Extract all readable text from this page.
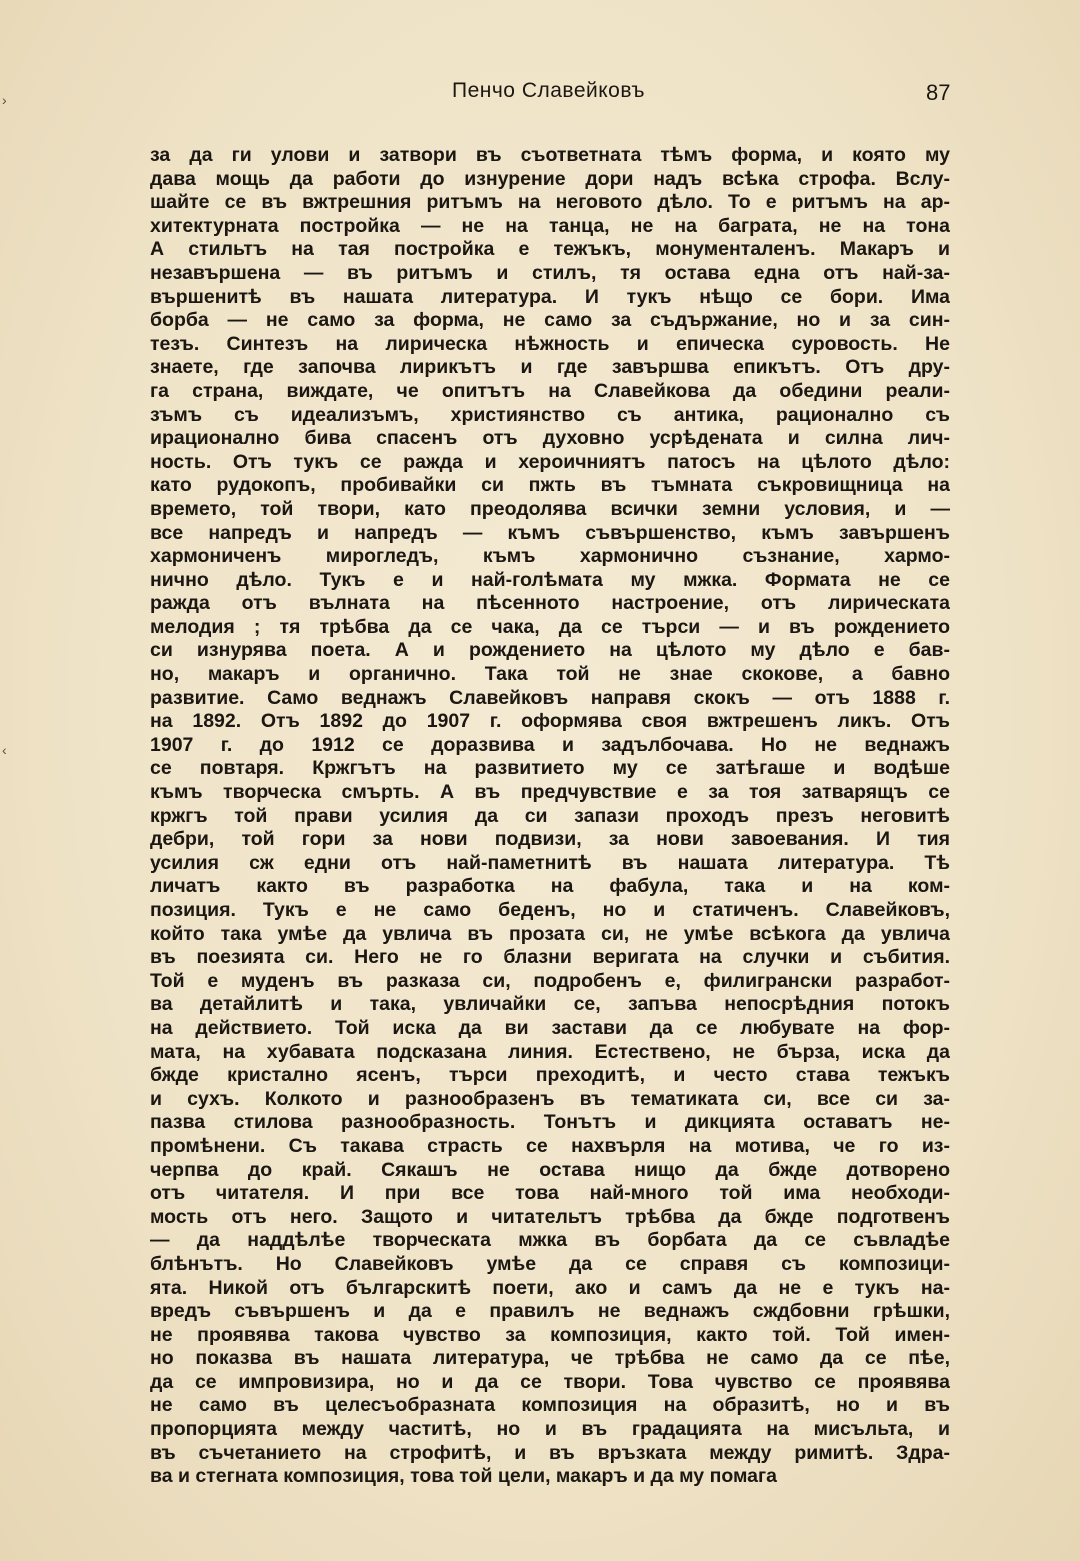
Пенчо Славейковъ	87
›
‹
за да ги улови и затвори въ съответната тѣмъ форма, и която му
дава мощь да работи до изнурение дори надъ всѣка строфа. Вслу-
шайте се въ вжтрешния ритъмъ на неговото дѣло. То е ритъмъ на ар-
хитектурната постройка — не на танца, не на баграта, не на тона
А стильтъ на тая постройка е тежъкъ, монументаленъ. Макаръ и
незавършена — въ ритъмъ и стилъ, тя остава една отъ най-за-
вършенитѣ въ нашата литература. И тукъ нѣщо се бори. Има
борба — не само за форма, не само за съдържание, но и за син-
тезъ. Синтезъ на лирическа нѣжность и епическа суровость. Не
знаете, где започва лирикътъ и где завършва епикътъ. Отъ дру-
га страна, виждате, че опитътъ на Славейкова да обедини реали-
зъмъ съ идеализъмъ, християнство съ антика, рационално съ
ирационално бива спасенъ отъ духовно усрѣдената и силна лич-
ность. Отъ тукъ се ражда и хероичниятъ патосъ на цѣлото дѣло:
като рудокопъ, пробивайки си пжть въ тъмната съкровищница на
времето, той твори, като преодолява всички земни условия, и —
все напредъ и напредъ — къмъ съвършенство, къмъ завършенъ
хармониченъ мирогледъ, къмъ хармонично съзнание, хармо-
нично дѣло. Тукъ е и най-голѣмата му мжка. Формата не се
ражда отъ вълната на пѣсенното настроение, отъ лирическата
мелодия ; тя трѣбва да се чака, да се търси — и въ рождението
си изнурява поета. А и рождението на цѣлото му дѣло е бав-
но, макаръ и органично. Така той не знае скокове, а бавно
развитие. Само веднажъ Славейковъ направя скокъ — отъ 1888 г.
на 1892. Отъ 1892 до 1907 г. оформява своя вжтрешенъ ликъ. Отъ
1907 г. до 1912 се доразвива и задълбочава. Но не веднажъ
се повтаря. Кржгътъ на развитието му се затѣгаше и водѣше
къмъ творческа смърть. А въ предчувствие е за тоя затварящъ се
кржгъ той прави усилия да си запази проходъ презъ неговитѣ
дебри, той гори за нови подвизи, за нови завоевания. И тия
усилия сж едни отъ най-паметнитѣ въ нашата литература. Тѣ
личатъ както въ разработка на фабула, така и на ком-
позиция. Тукъ е не само беденъ, но и статиченъ. Славейковъ,
който така умѣе да увлича въ прозата си, не умѣе всѣкога да увлича
въ поезията си. Него не го блазни веригата на случки и събития.
Той е муденъ въ разказа си, подробенъ е, филигрански разработ-
ва детайлитѣ и така, увличайки се, запъва непосрѣдния потокъ
на действието. Той иска да ви застави да се любувате на фор-
мата, на хубавата подсказана линия. Естествено, не бърза, иска да
бжде кристално ясенъ, търси преходитѣ, и често става тежъкъ
и сухъ. Колкото и разнообразенъ въ тематиката си, все си за-
пазва стилова разнообразность. Тонътъ и дикцията оставатъ не-
промѣнени. Съ такава страсть се нахвърля на мотива, че го из-
черпва до край. Сякашъ не остава нищо да бжде дотворено
отъ читателя. И при все това най-много той има необходи-
мость отъ него. Защото и читательтъ трѣбва да бжде подготвенъ
— да наддѣлѣе творческата мжка въ борбата да се съвладѣе
блѣнътъ. Но Славейковъ умѣе да се справя съ композици-
ята. Никой отъ българскитѣ поети, ако и самъ да не е тукъ на-
вредъ съвършенъ и да е правилъ не веднажъ сждбовни грѣшки,
не проявява такова чувство за композиция, както той. Той имен-
но показва въ нашата литература, че трѣбва не само да се пѣе,
да се импровизира, но и да се твори. Това чувство се проявява
не само въ целесъобразната композиция на образитѣ, но и въ
пропорцията между частитѣ, но и въ градацията на мисъльта, и
въ съчетанието на строфитѣ, и въ връзката между римитѣ. Здра-
ва и стегната композиция, това той цели, макаръ и да му помага
